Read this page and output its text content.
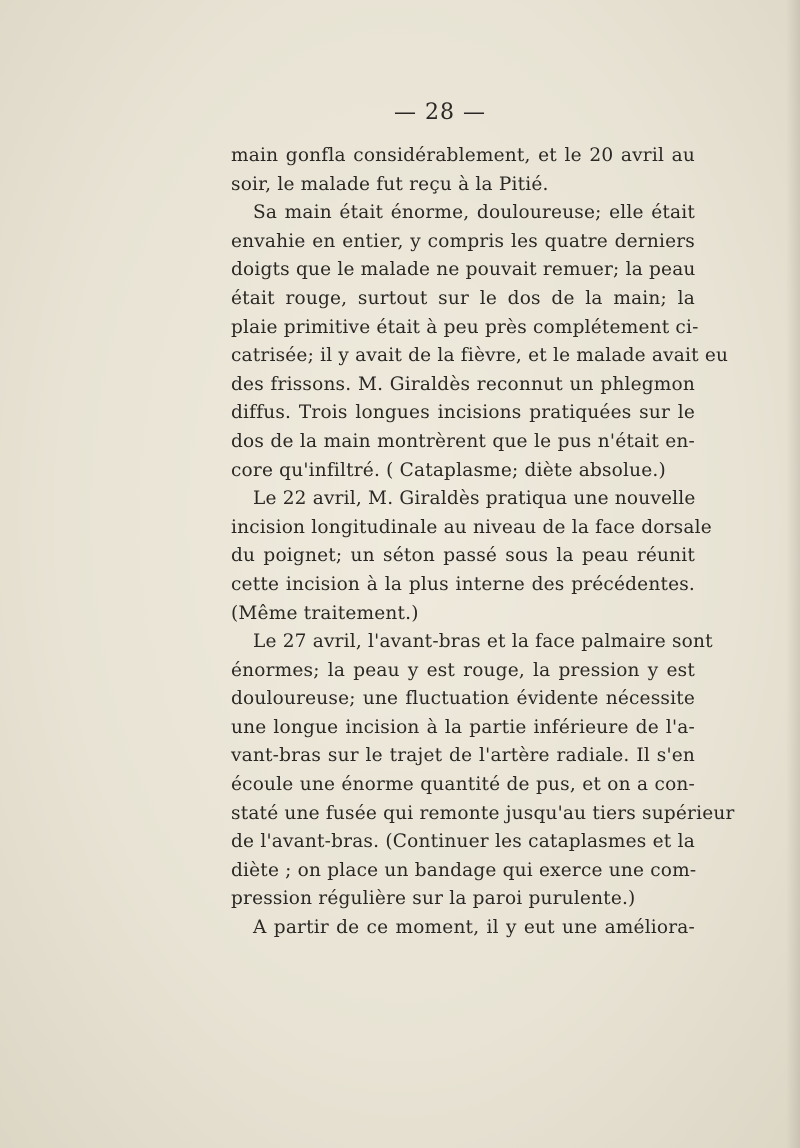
— 28 —
main gonfla considérablement, et le 20 avril au
soir, le malade fut reçu à la Pitié.
Sa main était énorme, douloureuse; elle était
envahie en entier, y compris les quatre derniers
doigts que le malade ne pouvait remuer; la peau
était rouge, surtout sur le dos de la main; la
plaie primitive était à peu près complétement ci-
catrisée; il y avait de la fièvre, et le malade avait eu
des frissons. M. Giraldès reconnut un phlegmon
diffus. Trois longues incisions pratiquées sur le
dos de la main montrèrent que le pus n'était en-
core qu'infiltré. ( Cataplasme; diète absolue.)
Le 22 avril, M. Giraldès pratiqua une nouvelle
incision longitudinale au niveau de la face dorsale
du poignet; un séton passé sous la peau réunit
cette incision à la plus interne des précédentes.
(Même traitement.)
Le 27 avril, l'avant-bras et la face palmaire sont
énormes; la peau y est rouge, la pression y est
douloureuse; une fluctuation évidente nécessite
une longue incision à la partie inférieure de l'a-
vant-bras sur le trajet de l'artère radiale. Il s'en
écoule une énorme quantité de pus, et on a con-
staté une fusée qui remonte jusqu'au tiers supérieur
de l'avant-bras. (Continuer les cataplasmes et la
diète ; on place un bandage qui exerce une com-
pression régulière sur la paroi purulente.)
A partir de ce moment, il y eut une améliora-
